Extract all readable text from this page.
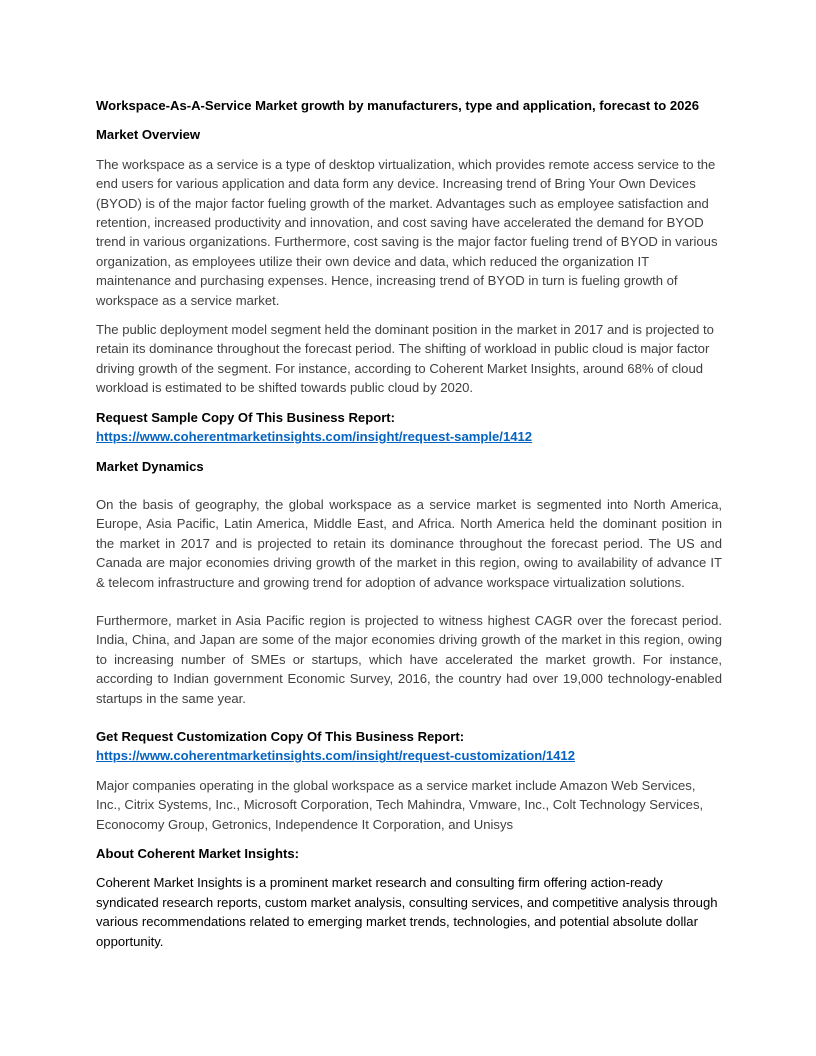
Workspace-As-A-Service Market growth by manufacturers, type and application, forecast to 2026

Market Overview

The workspace as a service is a type of desktop virtualization, which provides remote access service to the end users for various application and data form any device. Increasing trend of Bring Your Own Devices (BYOD) is of the major factor fueling growth of the market. Advantages such as employee satisfaction and retention, increased productivity and innovation, and cost saving have accelerated the demand for BYOD trend in various organizations. Furthermore, cost saving is the major factor fueling trend of BYOD in various organization, as employees utilize their own device and data, which reduced the organization IT maintenance and purchasing expenses. Hence, increasing trend of BYOD in turn is fueling growth of workspace as a service market.

The public deployment model segment held the dominant position in the market in 2017 and is projected to retain its dominance throughout the forecast period. The shifting of workload in public cloud is major factor driving growth of the segment. For instance, according to Coherent Market Insights, around 68% of cloud workload is estimated to be shifted towards public cloud by 2020.

Request Sample Copy Of This Business Report:

https://www.coherentmarketinsights.com/insight/request-sample/1412

Market Dynamics

On the basis of geography, the global workspace as a service market is segmented into North America, Europe, Asia Pacific, Latin America, Middle East, and Africa. North America held the dominant position in the market in 2017 and is projected to retain its dominance throughout the forecast period. The US and Canada are major economies driving growth of the market in this region, owing to availability of advance IT & telecom infrastructure and growing trend for adoption of advance workspace virtualization solutions.

Furthermore, market in Asia Pacific region is projected to witness highest CAGR over the forecast period. India, China, and Japan are some of the major economies driving growth of the market in this region, owing to increasing number of SMEs or startups, which have accelerated the market growth. For instance, according to Indian government Economic Survey, 2016, the country had over 19,000 technology-enabled startups in the same year.

Get Request Customization Copy Of This Business Report:

https://www.coherentmarketinsights.com/insight/request-customization/1412

Major companies operating in the global workspace as a service market include Amazon Web Services, Inc., Citrix Systems, Inc., Microsoft Corporation, Tech Mahindra, Vmware, Inc., Colt Technology Services, Econocomy Group, Getronics, Independence It Corporation, and Unisys

About Coherent Market Insights:

Coherent Market Insights is a prominent market research and consulting firm offering action-ready syndicated research reports, custom market analysis, consulting services, and competitive analysis through various recommendations related to emerging market trends, technologies, and potential absolute dollar opportunity.
